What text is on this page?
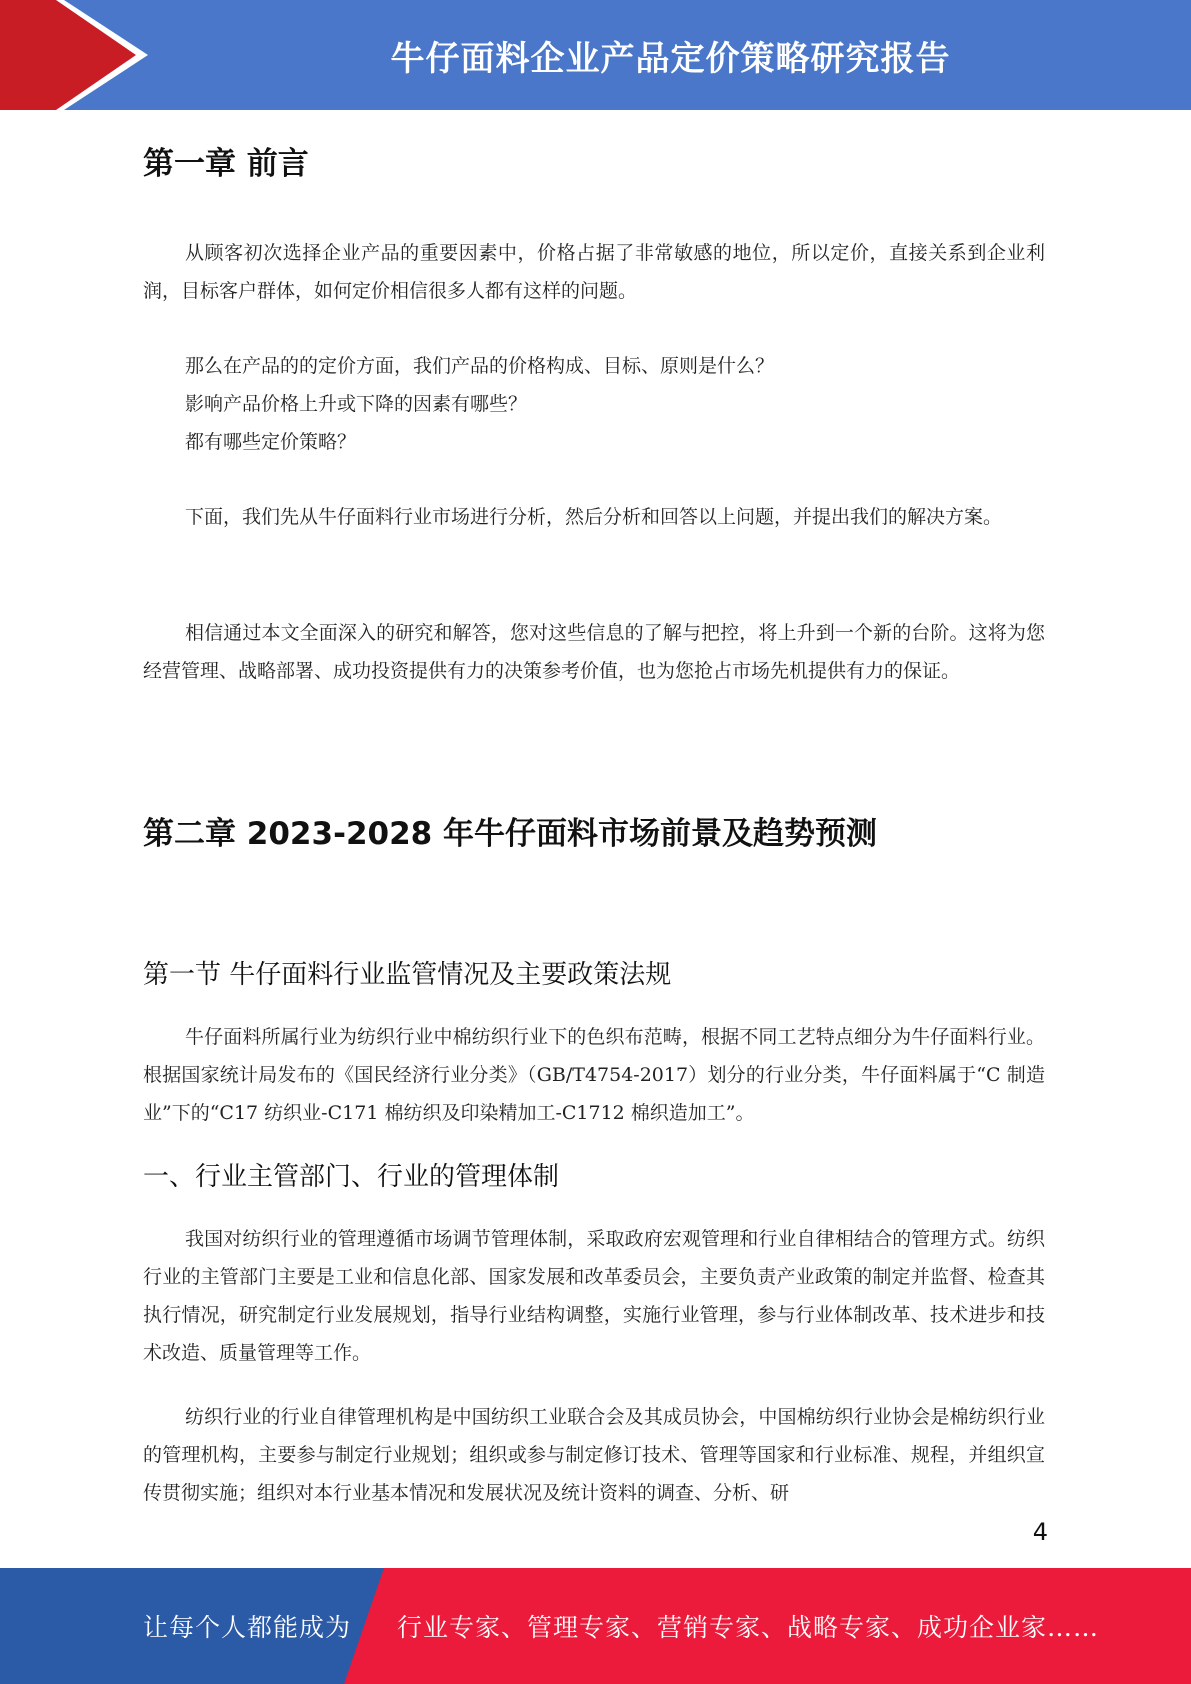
牛仔面料企业产品定价策略研究报告
第一章 前言

从顾客初次选择企业产品的重要因素中，价格占据了非常敏感的地位，所以定价，直接关系到企业利润，目标客户群体，如何定价相信很多人都有这样的问题。

那么在产品的的定价方面，我们产品的价格构成、目标、原则是什么？

影响产品价格上升或下降的因素有哪些？

都有哪些定价策略？

下面，我们先从牛仔面料行业市场进行分析，然后分析和回答以上问题，并提出我们的解决方案。

相信通过本文全面深入的研究和解答，您对这些信息的了解与把控，将上升到一个新的台阶。这将为您经营管理、战略部署、成功投资提供有力的决策参考价值，也为您抢占市场先机提供有力的保证。

第二章 2023-2028 年牛仔面料市场前景及趋势预测
第一节 牛仔面料行业监管情况及主要政策法规

牛仔面料所属行业为纺织行业中棉纺织行业下的色织布范畴，根据不同工艺特点细分为牛仔面料行业。根据国家统计局发布的《国民经济行业分类》（GB/T4754-2017）划分的行业分类，牛仔面料属于“C 制造业”下的“C17 纺织业-C171 棉纺织及印染精加工-C1712 棉织造加工”。

一、行业主管部门、行业的管理体制

我国对纺织行业的管理遵循市场调节管理体制，采取政府宏观管理和行业自律相结合的管理方式。纺织行业的主管部门主要是工业和信息化部、国家发展和改革委员会，主要负责产业政策的制定并监督、检查其执行情况，研究制定行业发展规划，指导行业结构调整，实施行业管理，参与行业体制改革、技术进步和技术改造、质量管理等工作。

纺织行业的行业自律管理机构是中国纺织工业联合会及其成员协会，中国棉纺织行业协会是棉纺织行业的管理机构，主要参与制定行业规划；组织或参与制定修订技术、管理等国家和行业标准、规程，并组织宣传贯彻实施；组织对本行业基本情况和发展状况及统计资料的调查、分析、研

4
让每个人都能成为 行业专家、管理专家、营销专家、战略专家、成功企业家……
